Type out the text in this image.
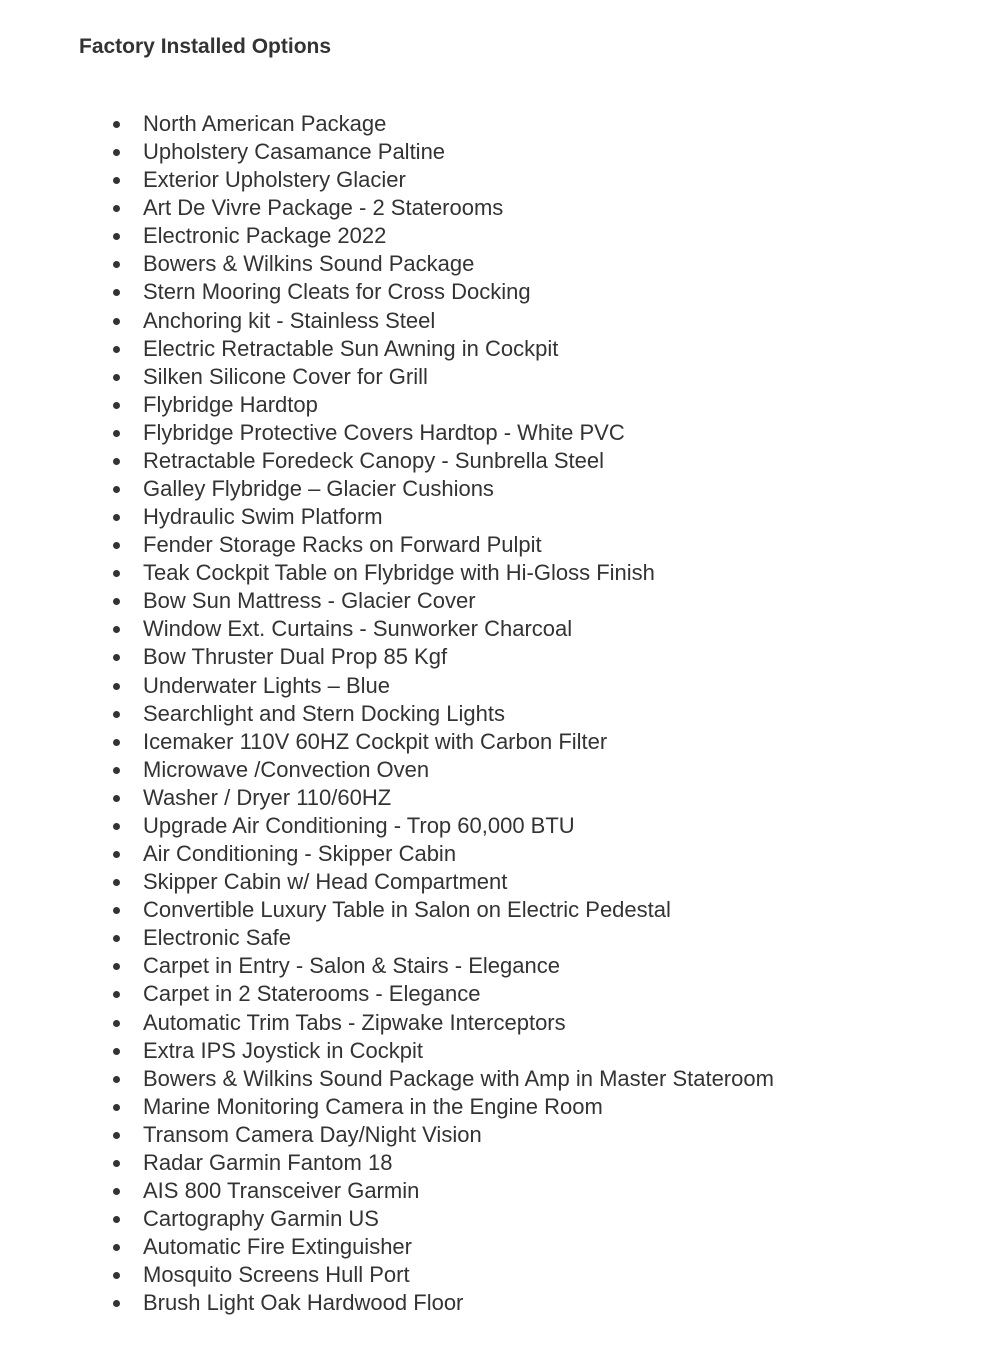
Factory Installed Options
North American Package
Upholstery Casamance Paltine
Exterior Upholstery Glacier
Art De Vivre Package - 2 Staterooms
Electronic Package 2022
Bowers & Wilkins Sound Package
Stern Mooring Cleats for Cross Docking
Anchoring kit - Stainless Steel
Electric Retractable Sun Awning in Cockpit
Silken Silicone Cover for Grill
Flybridge Hardtop
Flybridge Protective Covers Hardtop - White PVC
Retractable Foredeck Canopy - Sunbrella Steel
Galley Flybridge – Glacier Cushions
Hydraulic Swim Platform
Fender Storage Racks on Forward Pulpit
Teak Cockpit Table on Flybridge with Hi-Gloss Finish
Bow Sun Mattress - Glacier Cover
Window Ext. Curtains - Sunworker Charcoal
Bow Thruster Dual Prop 85 Kgf
Underwater Lights – Blue
Searchlight and Stern Docking Lights
Icemaker 110V 60HZ Cockpit with Carbon Filter
Microwave /Convection Oven
Washer / Dryer 110/60HZ
Upgrade Air Conditioning - Trop 60,000 BTU
Air Conditioning - Skipper Cabin
Skipper Cabin w/ Head Compartment
Convertible Luxury Table in Salon on Electric Pedestal
Electronic Safe
Carpet in Entry - Salon & Stairs - Elegance
Carpet in 2 Staterooms - Elegance
Automatic Trim Tabs - Zipwake Interceptors
Extra IPS Joystick in Cockpit
Bowers & Wilkins Sound Package with Amp in Master Stateroom
Marine Monitoring Camera in the Engine Room
Transom Camera Day/Night Vision
Radar Garmin Fantom 18
AIS 800 Transceiver Garmin
Cartography Garmin US
Automatic Fire Extinguisher
Mosquito Screens Hull Port
Brush Light Oak Hardwood Floor
